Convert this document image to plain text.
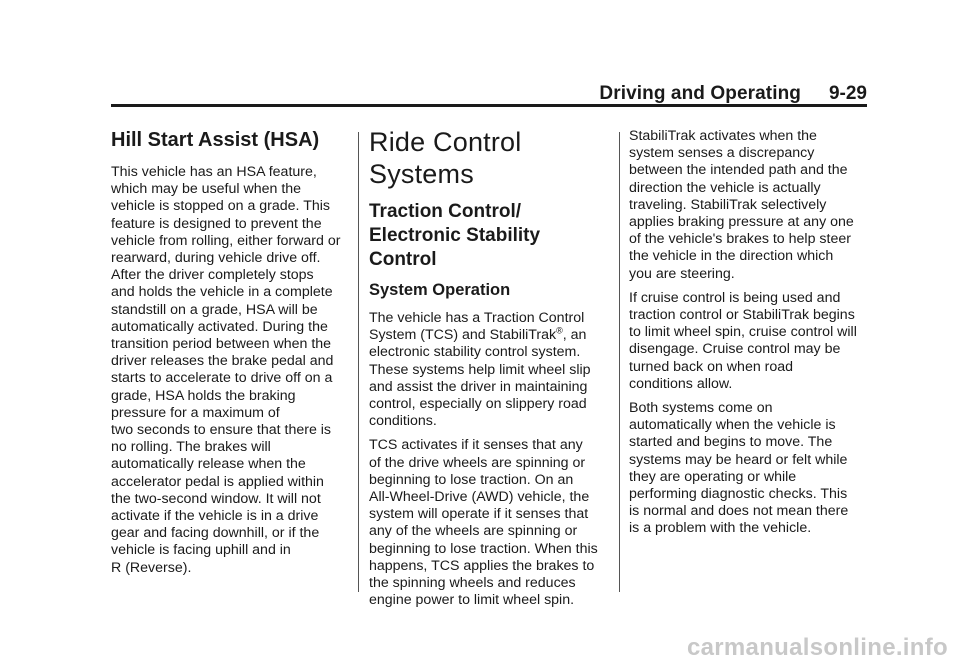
Driving and Operating 9-29
Hill Start Assist (HSA)

This vehicle has an HSA feature,
which may be useful when the
vehicle is stopped on a grade. This
feature is designed to prevent the
vehicle from rolling, either forward or
rearward, during vehicle drive off.
After the driver completely stops
and holds the vehicle in a complete
standstill on a grade, HSA will be
automatically activated. During the
transition period between when the
driver releases the brake pedal and
starts to accelerate to drive off on a
grade, HSA holds the braking
pressure for a maximum of
two seconds to ensure that there is
no rolling. The brakes will
automatically release when the
accelerator pedal is applied within
the two-second window. It will not
activate if the vehicle is in a drive
gear and facing downhill, or if the
vehicle is facing uphill and in
R (Reverse).

Ride Control Systems
Traction Control/
Electronic Stability
Control
System Operation

The vehicle has a Traction Control
System (TCS) and StabiliTrak®, an
electronic stability control system.
These systems help limit wheel slip
and assist the driver in maintaining
control, especially on slippery road
conditions.

TCS activates if it senses that any
of the drive wheels are spinning or
beginning to lose traction. On an
All-Wheel-Drive (AWD) vehicle, the
system will operate if it senses that
any of the wheels are spinning or
beginning to lose traction. When this
happens, TCS applies the brakes to
the spinning wheels and reduces
engine power to limit wheel spin.

StabiliTrak activates when the
system senses a discrepancy
between the intended path and the
direction the vehicle is actually
traveling. StabiliTrak selectively
applies braking pressure at any one
of the vehicle's brakes to help steer
the vehicle in the direction which
you are steering.

If cruise control is being used and
traction control or StabiliTrak begins
to limit wheel spin, cruise control will
disengage. Cruise control may be
turned back on when road
conditions allow.

Both systems come on
automatically when the vehicle is
started and begins to move. The
systems may be heard or felt while
they are operating or while
performing diagnostic checks. This
is normal and does not mean there
is a problem with the vehicle.

carmanualsonline.info
